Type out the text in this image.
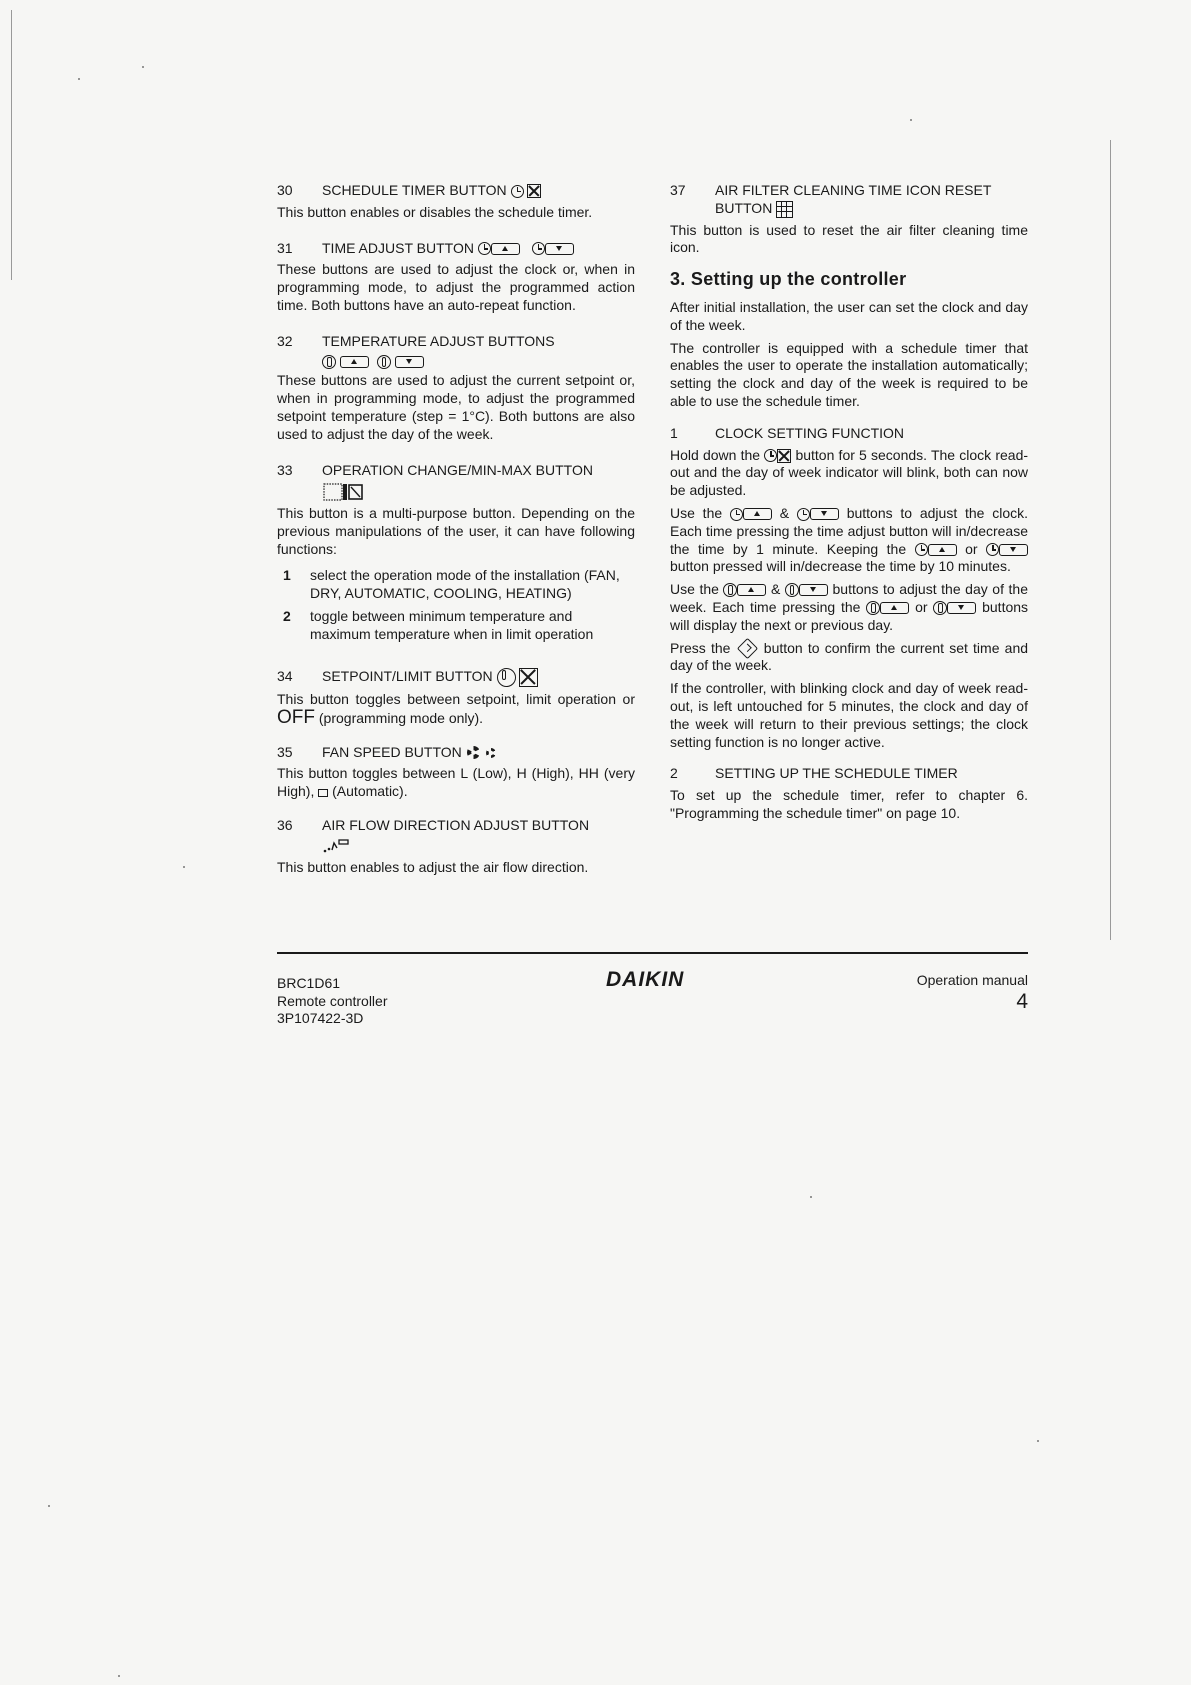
30	SCHEDULE TIMER BUTTON

This button enables or disables the schedule timer.

31	TIME ADJUST BUTTON

These buttons are used to adjust the clock or, when in programming mode, to adjust the programmed action time. Both buttons have an auto-repeat function.

32	TEMPERATURE ADJUST BUTTONS

These buttons are used to adjust the current setpoint or, when in programming mode, to adjust the programmed setpoint temperature (step = 1°C). Both buttons are also used to adjust the day of the week.

33	OPERATION CHANGE/MIN-MAX BUTTON

This button is a multi-purpose button. Depending on the previous manipulations of the user, it can have following functions:

1	select the operation mode of the installation (FAN, DRY, AUTOMATIC, COOLING, HEATING)
2	toggle between minimum temperature and maximum temperature when in limit operation
34	SETPOINT/LIMIT BUTTON

This button toggles between setpoint, limit operation or OFF (programming mode only).

35	FAN SPEED BUTTON

This button toggles between L (Low), H (High), HH (very High), (Automatic).

36	AIR FLOW DIRECTION ADJUST BUTTON

This button enables to adjust the air flow direction.

37	AIR FILTER CLEANING TIME ICON RESET
BUTTON

This button is used to reset the air filter cleaning time icon.

3. Setting up the controller

After initial installation, the user can set the clock and day of the week.

The controller is equipped with a schedule timer that enables the user to operate the installation automatically; setting the clock and day of the week is required to be able to use the schedule timer.

1	CLOCK SETTING FUNCTION

Hold down the ☒ button for 5 seconds. The clock read-out and the day of week indicator will blink, both can now be adjusted.

Use the	&	buttons to adjust the clock. Each time pressing the time adjust button will in/decrease the time by 1 minute. Keeping the	or
button pressed will in/decrease the time by 10 minutes.

Use the	&	buttons to adjust the day of the week. Each time pressing the	or	buttons will display the next or previous day.

Press the button to confirm the current set time and day of the week.

If the controller, with blinking clock and day of week read-out, is left untouched for 5 minutes, the clock and day of the week will return to their previous settings; the clock setting function is no longer active.

2	SETTING UP THE SCHEDULE TIMER

To set up the schedule timer, refer to chapter 6. "Programming the schedule timer" on page 10.

BRC1D61
Remote controller
3P107422-3D
DAIKIN	Operation manual
4
